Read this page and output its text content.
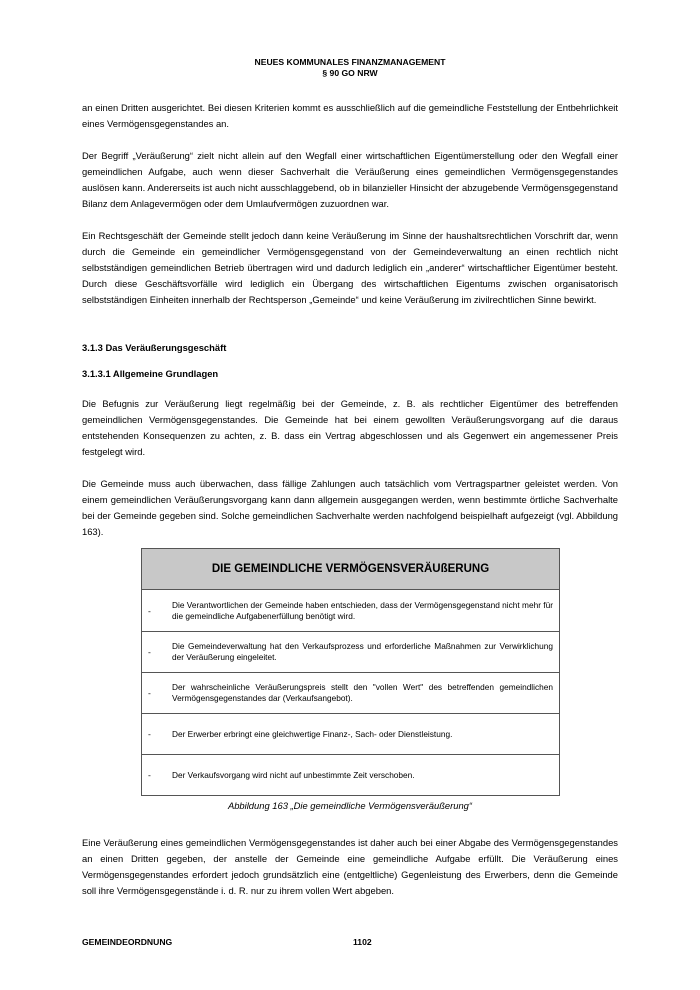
NEUES KOMMUNALES FINANZMANAGEMENT
§ 90 GO NRW

an einen Dritten ausgerichtet. Bei diesen Kriterien kommt es ausschließlich auf die gemeindliche Feststellung der Entbehrlichkeit eines Vermögensgegenstandes an.

Der Begriff „Veräußerung“ zielt nicht allein auf den Wegfall einer wirtschaftlichen Eigentümerstellung oder den Wegfall einer gemeindlichen Aufgabe, auch wenn dieser Sachverhalt die Veräußerung eines gemeindlichen Vermögensgegenstandes auslösen kann. Andererseits ist auch nicht ausschlaggebend, ob in bilanzieller Hinsicht der abzugebende Vermögensgegenstand Bilanz dem Anlagevermögen oder dem Umlaufvermögen zuzuordnen war.

Ein Rechtsgeschäft der Gemeinde stellt jedoch dann keine Veräußerung im Sinne der haushaltsrechtlichen Vorschrift dar, wenn durch die Gemeinde ein gemeindlicher Vermögensgegenstand von der Gemeindeverwaltung an einen rechtlich nicht selbstständigen gemeindlichen Betrieb übertragen wird und dadurch lediglich ein „anderer“ wirtschaftlicher Eigentümer besteht. Durch diese Geschäftsvorfälle wird lediglich ein Übergang des wirtschaftlichen Eigentums zwischen organisatorisch selbstständigen Einheiten innerhalb der Rechtsperson „Gemeinde“ und keine Veräußerung im zivilrechtlichen Sinne bewirkt.

3.1.3 Das Veräußerungsgeschäft
3.1.3.1 Allgemeine Grundlagen

Die Befugnis zur Veräußerung liegt regelmäßig bei der Gemeinde, z. B. als rechtlicher Eigentümer des betreffenden gemeindlichen Vermögensgegenstandes. Die Gemeinde hat bei einem gewollten Veräußerungsvorgang auf die daraus entstehenden Konsequenzen zu achten, z. B. dass ein Vertrag abgeschlossen und als Gegenwert ein angemessener Preis festgelegt wird.

Die Gemeinde muss auch überwachen, dass fällige Zahlungen auch tatsächlich vom Vertragspartner geleistet werden. Von einem gemeindlichen Veräußerungsvorgang kann dann allgemein ausgegangen werden, wenn bestimmte örtliche Sachverhalte bei der Gemeinde gegeben sind. Solche gemeindlichen Sachverhalte werden nachfolgend beispielhaft aufgezeigt (vgl. Abbildung 163).

DIE GEMEINDLICHE VERMÖGENSVERÄUßERUNG
-
Die Verantwortlichen der Gemeinde haben entschieden, dass der Vermögensgegenstand nicht mehr für die gemeindliche Aufgabenerfüllung benötigt wird.
-
Die Gemeindeverwaltung hat den Verkaufsprozess und erforderliche Maßnahmen zur Verwirklichung der Veräußerung eingeleitet.
-
Der wahrscheinliche Veräußerungspreis stellt den "vollen Wert" des betreffenden gemeindlichen Vermögensgegenstandes dar (Verkaufsangebot).
-	Der Erwerber erbringt eine gleichwertige Finanz-, Sach- oder Dienstleistung.
-	Der Verkaufsvorgang wird nicht auf unbestimmte Zeit verschoben.
Abbildung 163 „Die gemeindliche Vermögensveräußerung“

Eine Veräußerung eines gemeindlichen Vermögensgegenstandes ist daher auch bei einer Abgabe des Vermögensgegenstandes an einen Dritten gegeben, der anstelle der Gemeinde eine gemeindliche Aufgabe erfüllt. Die Veräußerung eines Vermögensgegenstandes erfordert jedoch grundsätzlich eine (entgeltliche) Gegenleistung des Erwerbers, denn die Gemeinde soll ihre Vermögensgegenstände i. d. R. nur zu ihrem vollen Wert abgeben.

GEMEINDEORDNUNG	1102
